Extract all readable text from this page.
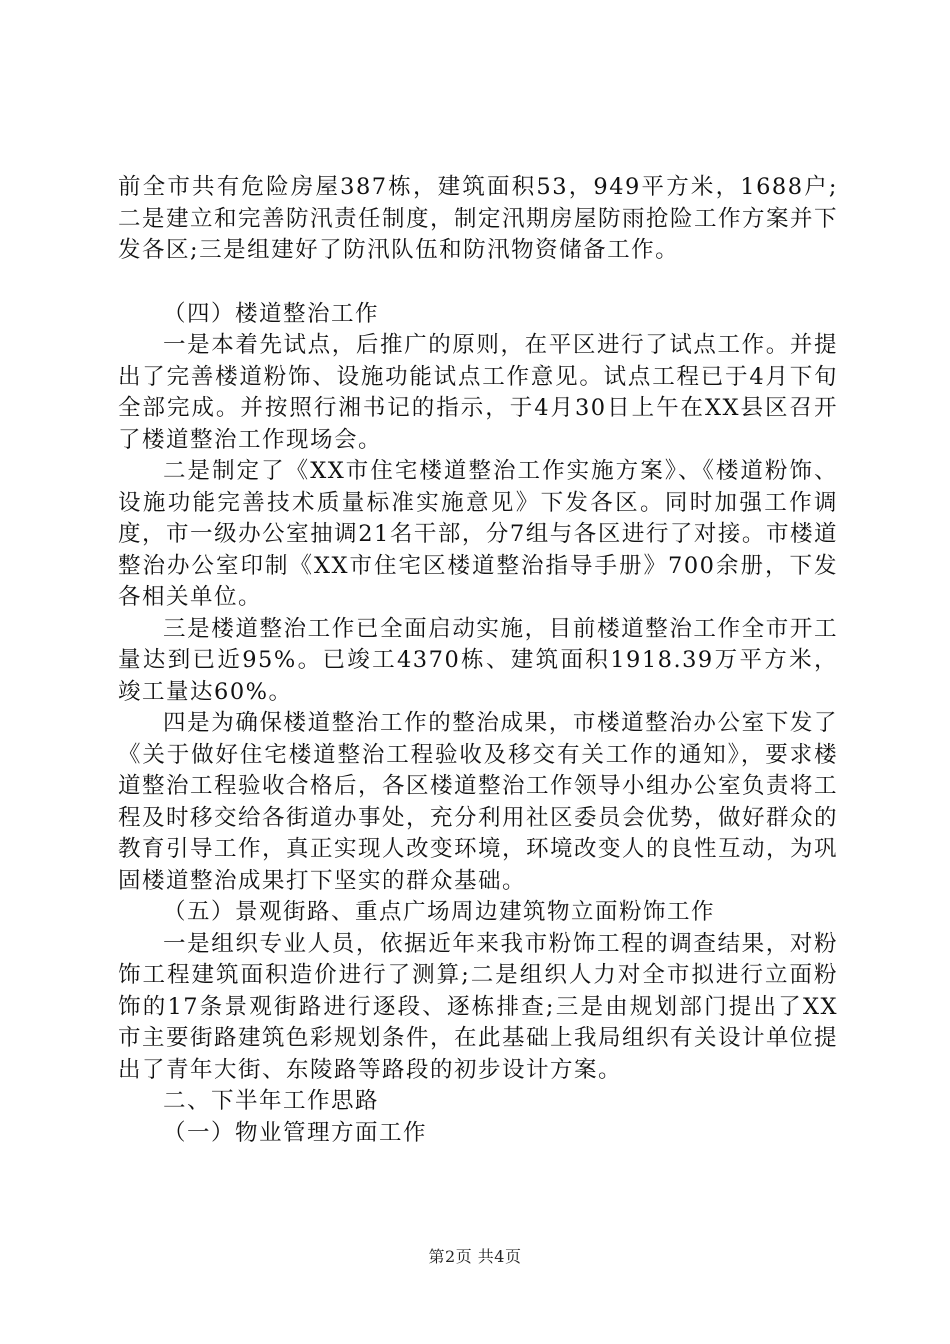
前全市共有危险房屋387栋，建筑面积53，949平方米，1688户;二是建立和完善防汛责任制度，制定汛期房屋防雨抢险工作方案并下发各区;三是组建好了防汛队伍和防汛物资储备工作。

（四）楼道整治工作

一是本着先试点，后推广的原则，在平区进行了试点工作。并提出了完善楼道粉饰、设施功能试点工作意见。试点工程已于4月下旬全部完成。并按照行湘书记的指示，于4月30日上午在XX县区召开了楼道整治工作现场会。

二是制定了《XX市住宅楼道整治工作实施方案》、《楼道粉饰、设施功能完善技术质量标准实施意见》下发各区。同时加强工作调度，市一级办公室抽调21名干部，分7组与各区进行了对接。市楼道整治办公室印制《XX市住宅区楼道整治指导手册》700余册，下发各相关单位。

三是楼道整治工作已全面启动实施，目前楼道整治工作全市开工量达到已近95%。已竣工4370栋、建筑面积1918.39万平方米，竣工量达60%。

四是为确保楼道整治工作的整治成果，市楼道整治办公室下发了《关于做好住宅楼道整治工程验收及移交有关工作的通知》，要求楼道整治工程验收合格后，各区楼道整治工作领导小组办公室负责将工程及时移交给各街道办事处，充分利用社区委员会优势，做好群众的教育引导工作，真正实现人改变环境，环境改变人的良性互动，为巩固楼道整治成果打下坚实的群众基础。

（五）景观街路、重点广场周边建筑物立面粉饰工作

一是组织专业人员，依据近年来我市粉饰工程的调查结果，对粉饰工程建筑面积造价进行了测算;二是组织人力对全市拟进行立面粉饰的17条景观街路进行逐段、逐栋排查;三是由规划部门提出了XX市主要街路建筑色彩规划条件，在此基础上我局组织有关设计单位提出了青年大街、东陵路等路段的初步设计方案。

二、下半年工作思路

（一）物业管理方面工作

第2页 共4页
